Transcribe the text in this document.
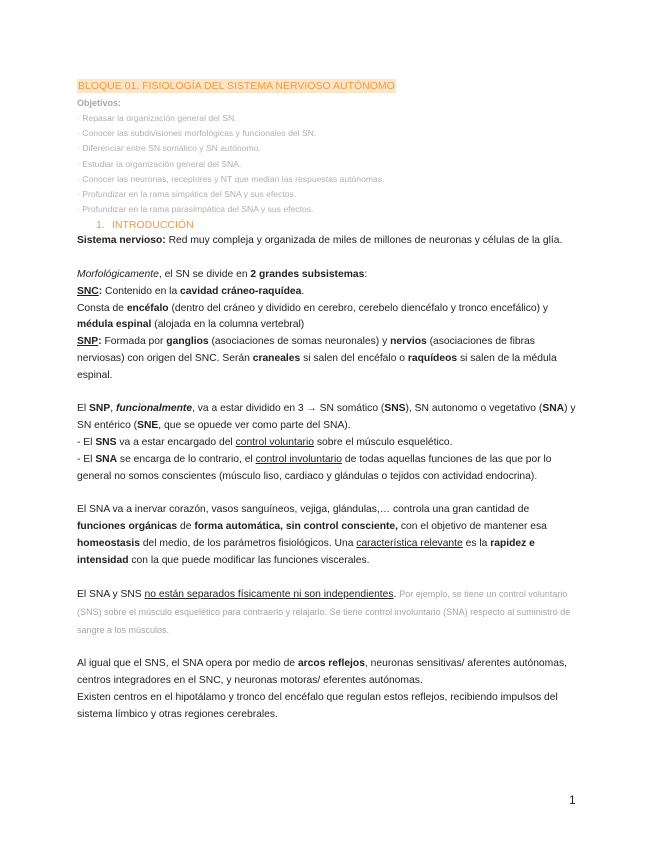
BLOQUE 01. FISIOLOGÍA DEL SISTEMA NERVIOSO AUTÓNOMO
Objetivos:
· Repasar la organización general del SN.
· Conocer las subdivisiones morfológicas y funcionales del SN.
· Diferenciar entre SN somático y SN autónomo.
· Estudiar la organización general del SNA.
· Conocer las neuronas, receptores y NT que median las respuestas autónomas.
· Profundizar en la rama simpática del SNA y sus efectos.
· Profundizar en la rama parasimpática del SNA y sus efectos.
1. INTRODUCCIÓN

Sistema nervioso: Red muy compleja y organizada de miles de millones de neuronas y células de la glía.

Morfológicamente, el SN se divide en 2 grandes subsistemas:

SNC: Contenido en la cavidad cráneo-raquídea.

Consta de encéfalo (dentro del cráneo y dividido en cerebro, cerebelo diencéfalo y tronco encefálico) y
médula espinal (alojada en la columna vertebral)

SNP: Formada por ganglios (asociaciones de somas neuronales) y nervios (asociaciones de fibras nerviosas) con origen del SNC. Serán craneales si salen del encéfalo o raquídeos si salen de la médula espinal.

El SNP, funcionalmente, va a estar dividido en 3 → SN somático (SNS), SN autonomo o vegetativo (SNA) y SN entérico (SNE, que se opuede ver como parte del SNA).

- El SNS va a estar encargado del control voluntario sobre el músculo esquelético.

- El SNA se encarga de lo contrario, el control involuntario de todas aquellas funciones de las que por lo general no somos conscientes (músculo liso, cardiaco y glándulas o tejidos con actividad endocrina).

El SNA va a inervar corazón, vasos sanguíneos, vejiga, glándulas,… controla una gran cantidad de funciones orgánicas de forma automática, sin control consciente, con el objetivo de mantener esa homeostasis del medio, de los parámetros fisiológicos. Una característica relevante es la rapidez e intensidad con la que puede modificar las funciones viscerales.

El SNA y SNS no están separados físicamente ni son independientes. Por ejemplo, se tiene un control voluntario (SNS) sobre el músculo esquelético para contraerlo y relajarlo. Se tiene control involuntario (SNA) respecto al suministro de sangre a los músculos.

Al igual que el SNS, el SNA opera por medio de arcos reflejos, neuronas sensitivas/ aferentes autónomas, centros integradores en el SNC, y neuronas motoras/ eferentes autónomas.

Existen centros en el hipotálamo y tronco del encéfalo que regulan estos reflejos, recibiendo impulsos del sistema límbico y otras regiones cerebrales.

1
